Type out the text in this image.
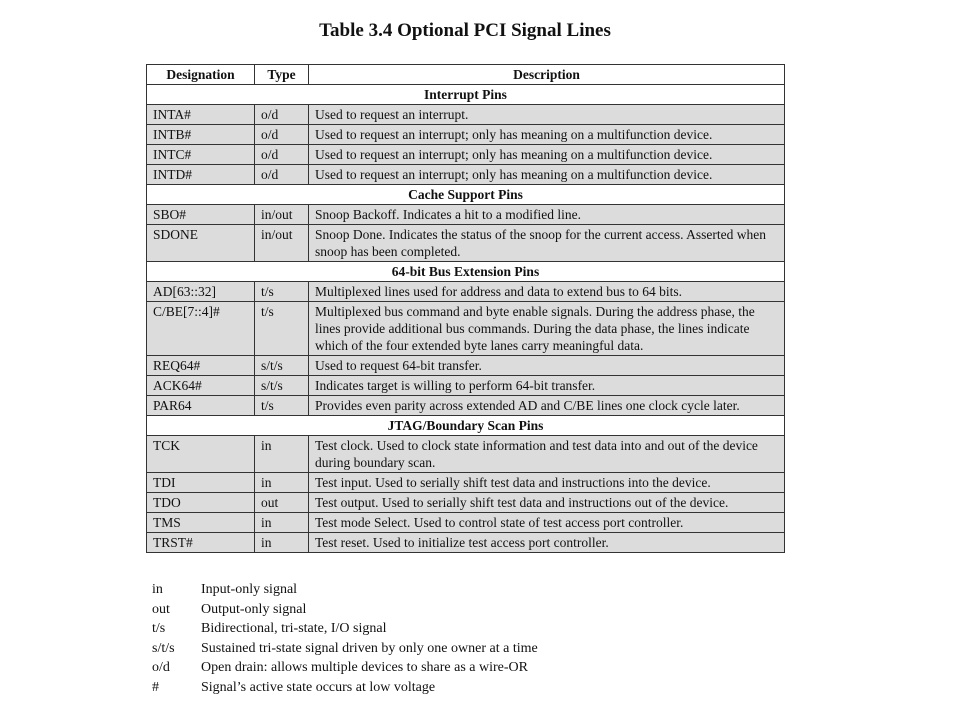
Table 3.4 Optional PCI Signal Lines
Designation	Type	Description
Interrupt Pins		
INTA#	o/d	Used to request an interrupt.
INTB#	o/d	Used to request an interrupt; only has meaning on a multifunction device.
INTC#	o/d	Used to request an interrupt; only has meaning on a multifunction device.
INTD#	o/d	Used to request an interrupt; only has meaning on a multifunction device.
Cache Support Pins		
SBO#	in/out	Snoop Backoff. Indicates a hit to a modified line.
SDONE	in/out	Snoop Done. Indicates the status of the snoop for the current access. Asserted when snoop has been completed.
64-bit Bus Extension Pins		
AD[63::32]	t/s	Multiplexed lines used for address and data to extend bus to 64 bits.
C/BE[7::4]#	t/s	Multiplexed bus command and byte enable signals. During the address phase, the lines provide additional bus commands. During the data phase, the lines indicate which of the four extended byte lanes carry meaningful data.
REQ64#	s/t/s	Used to request 64-bit transfer.
ACK64#	s/t/s	Indicates target is willing to perform 64-bit transfer.
PAR64	t/s	Provides even parity across extended AD and C/BE lines one clock cycle later.
JTAG/Boundary Scan Pins		
TCK	in	Test clock. Used to clock state information and test data into and out of the device during boundary scan.
TDI	in	Test input. Used to serially shift test data and instructions into the device.
TDO	out	Test output. Used to serially shift test data and instructions out of the device.
TMS	in	Test mode Select. Used to control state of test access port controller.
TRST#	in	Test reset. Used to initialize test access port controller.
in	Input-only signal
out	Output-only signal
t/s	Bidirectional, tri-state, I/O signal
s/t/s	Sustained tri-state signal driven by only one owner at a time
o/d	Open drain: allows multiple devices to share as a wire-OR
#	Signal’s active state occurs at low voltage
